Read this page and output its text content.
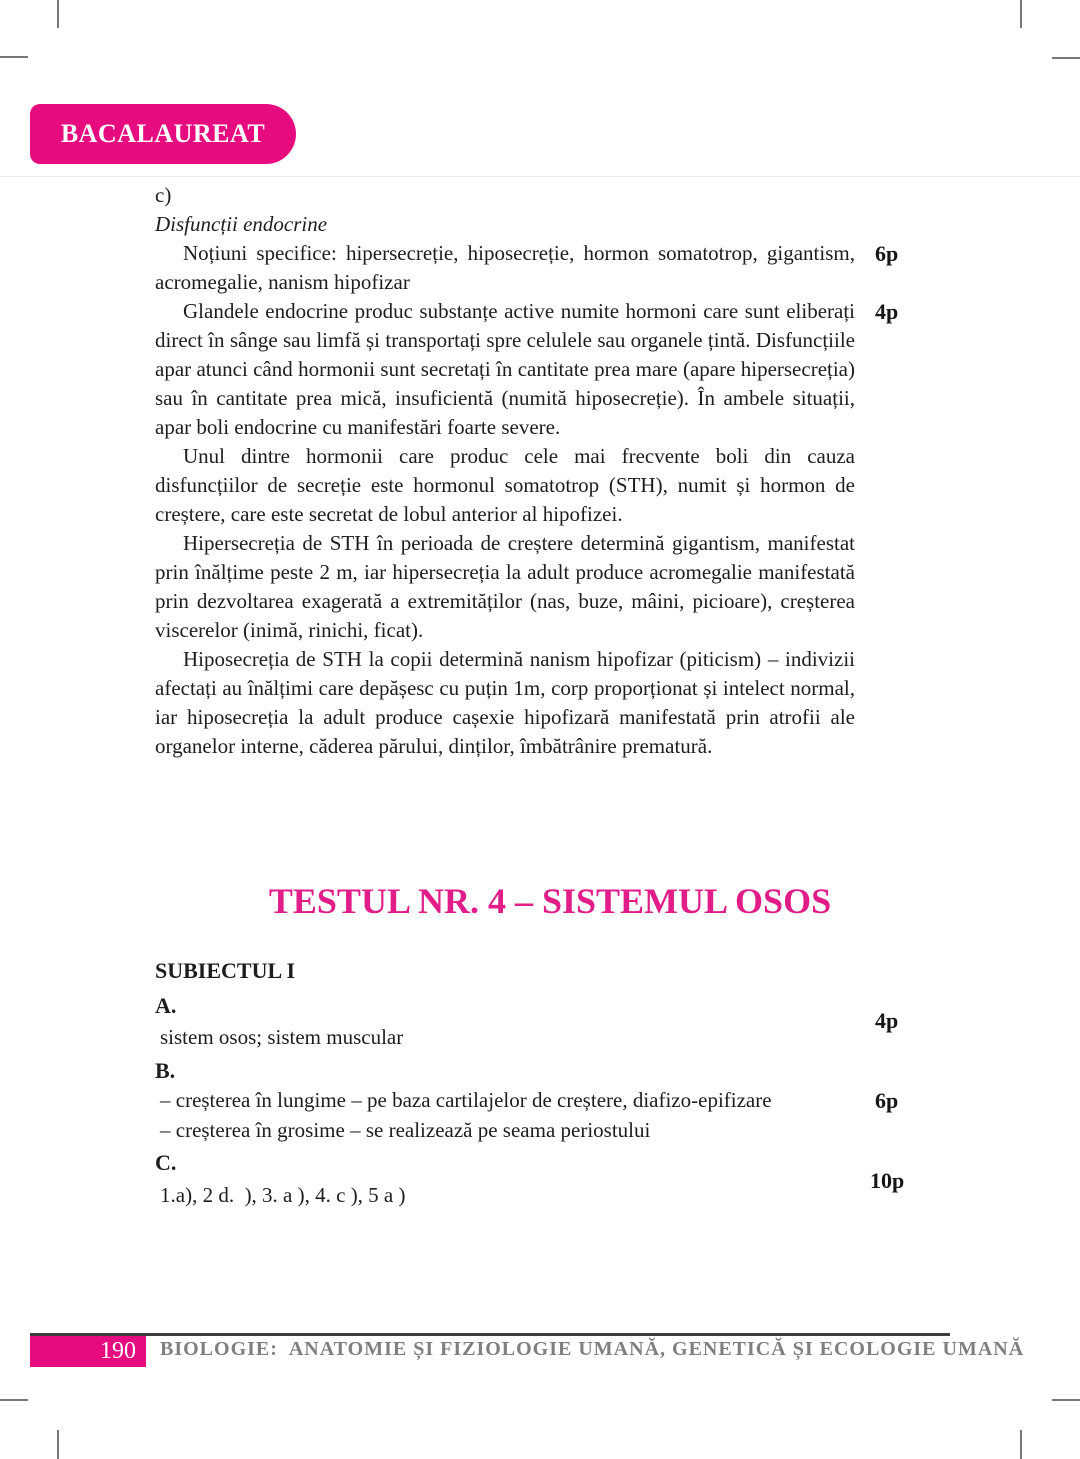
BACALAUREAT

c)

Disfuncții endocrine

Noțiuni specifice: hipersecreție, hiposecreție, hormon somatotrop, gigantism, acromegalie, nanism hipofizar
6p

Glandele endocrine produc substanțe active numite hormoni care sunt eliberați direct în sânge sau limfă și transportați spre celulele sau organele țintă. Disfuncțiile apar atunci când hormonii sunt secretați în cantitate prea mare (apare hipersecreția) sau în cantitate prea mică, insuficientă (numită hiposecreție). În ambele situații, apar boli endocrine cu manifestări foarte severe.
4p

Unul dintre hormonii care produc cele mai frecvente boli din cauza disfuncțiilor de secreție este hormonul somatotrop (STH), numit și hormon de creștere, care este secretat de lobul anterior al hipofizei.

Hipersecreția de STH în perioada de creștere determină gigantism, manifestat prin înălțime peste 2 m, iar hipersecreția la adult produce acromegalie manifestată prin dezvoltarea exagerată a extremităților (nas, buze, mâini, picioare), creșterea viscerelor (inimă, rinichi, ficat).

Hiposecreția de STH la copii determină nanism hipofizar (piticism) – indivizii afectați au înălțimi care depășesc cu puțin 1m, corp proporționat și intelect normal, iar hiposecreția la adult produce cașexie hipofizară manifestată prin atrofii ale organelor interne, căderea părului, dinților, îmbătrânire prematură.

TESTUL NR. 4 – SISTEMUL OSOS

SUBIECTUL I

A.

sistem osos; sistem muscular

4p

B.

– creșterea în lungime – pe baza cartilajelor de creștere, diafizo-epifizare

– creșterea în grosime – se realizează pe seama periostului

6p

C.

1.a), 2 d.  ), 3. a ), 4. c ), 5 a )

10p

190 BIOLOGIE:  ANATOMIE ȘI FIZIOLOGIE UMANĂ, GENETICĂ ȘI ECOLOGIE UMANĂ
